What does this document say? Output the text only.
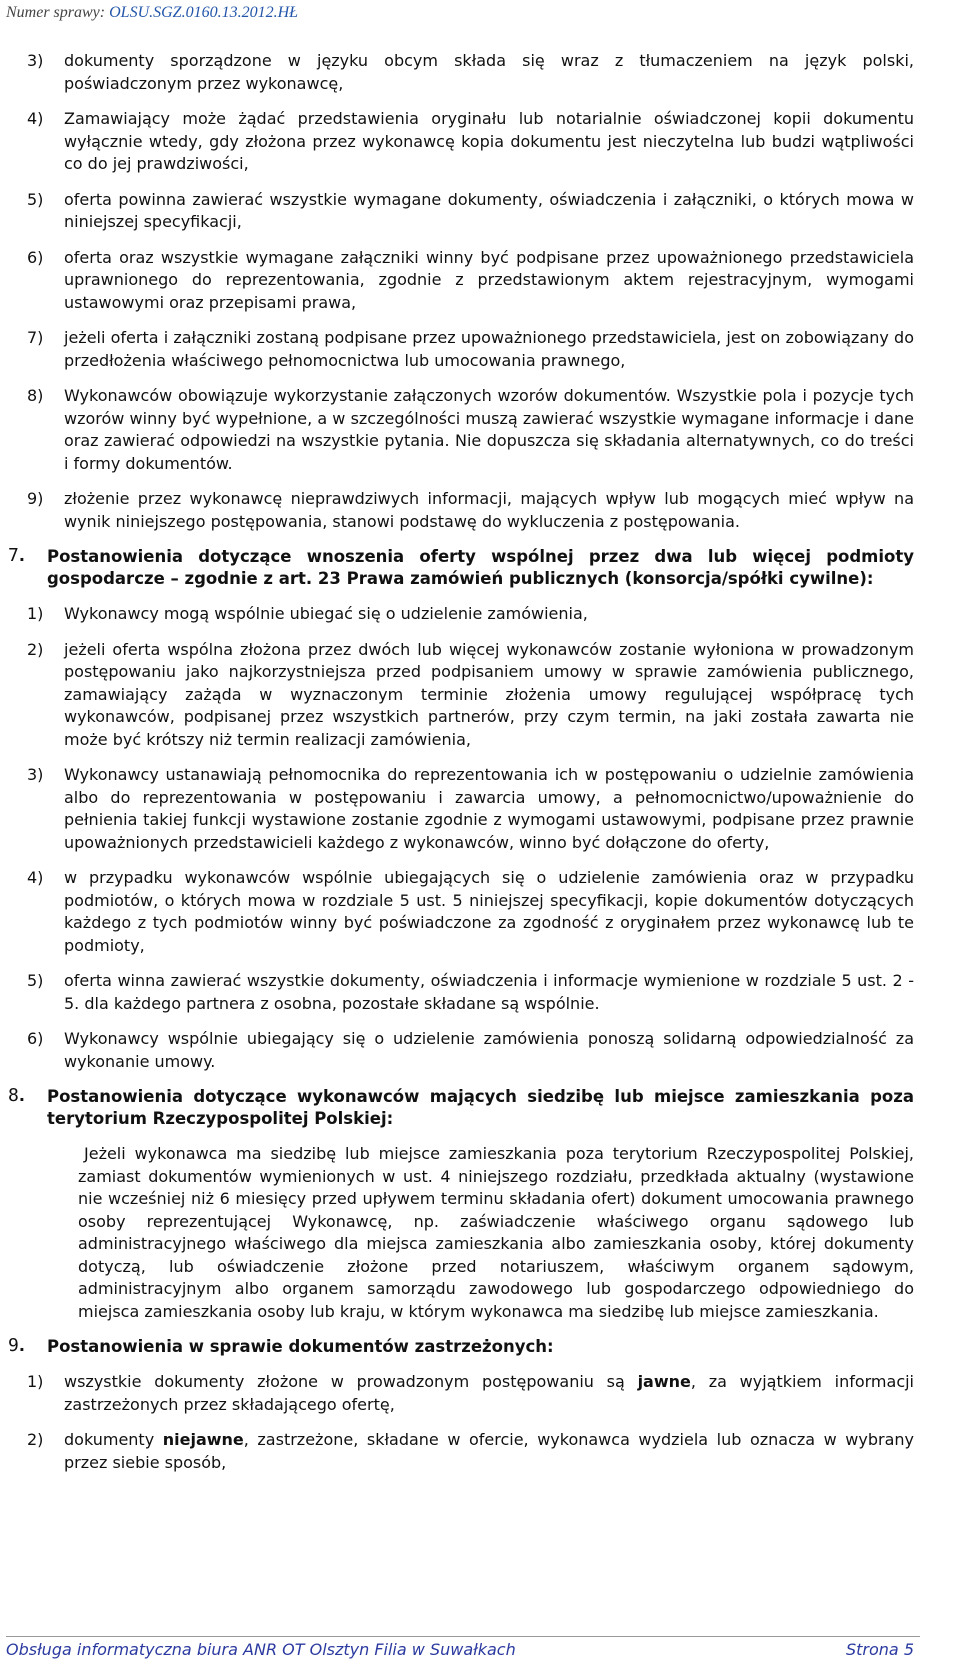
Numer sprawy: OLSU.SGZ.0160.13.2012.HŁ
3) dokumenty sporządzone w języku obcym składa się wraz z tłumaczeniem na język polski, poświadczonym przez wykonawcę,
4) Zamawiający może żądać przedstawienia oryginału lub notarialnie oświadczonej kopii dokumentu wyłącznie wtedy, gdy złożona przez wykonawcę kopia dokumentu jest nieczytelna lub budzi wątpliwości co do jej prawdziwości,
5) oferta powinna zawierać wszystkie wymagane dokumenty, oświadczenia i załączniki, o których mowa w niniejszej specyfikacji,
6) oferta oraz wszystkie wymagane załączniki winny być podpisane przez upoważnionego przedstawiciela uprawnionego do reprezentowania, zgodnie z przedstawionym aktem rejestracyjnym, wymogami ustawowymi oraz przepisami prawa,
7) jeżeli oferta i załączniki zostaną podpisane przez upoważnionego przedstawiciela, jest on zobowiązany do przedłożenia właściwego pełnomocnictwa lub umocowania prawnego,
8) Wykonawców obowiązuje wykorzystanie załączonych wzorów dokumentów. Wszystkie pola i pozycje tych wzorów winny być wypełnione, a w szczególności muszą zawierać wszystkie wymagane informacje i dane oraz zawierać odpowiedzi na wszystkie pytania. Nie dopuszcza się składania alternatywnych, co do treści i formy dokumentów.
9) złożenie przez wykonawcę nieprawdziwych informacji, mających wpływ lub mogących mieć wpływ na wynik niniejszego postępowania, stanowi podstawę do wykluczenia z postępowania.
7. Postanowienia dotyczące wnoszenia oferty wspólnej przez dwa lub więcej podmioty gospodarcze – zgodnie z art. 23 Prawa zamówień publicznych (konsorcja/spółki cywilne):
1) Wykonawcy mogą wspólnie ubiegać się o udzielenie zamówienia,
2) jeżeli oferta wspólna złożona przez dwóch lub więcej wykonawców zostanie wyłoniona w prowadzonym postępowaniu jako najkorzystniejsza przed podpisaniem umowy w sprawie zamówienia publicznego, zamawiający zażąda w wyznaczonym terminie złożenia umowy regulującej współpracę tych wykonawców, podpisanej przez wszystkich partnerów, przy czym termin, na jaki została zawarta nie może być krótszy niż termin realizacji zamówienia,
3) Wykonawcy ustanawiają pełnomocnika do reprezentowania ich w postępowaniu o udzielnie zamówienia albo do reprezentowania w postępowaniu i zawarcia umowy, a pełnomocnictwo/upoważnienie do pełnienia takiej funkcji wystawione zostanie zgodnie z wymogami ustawowymi, podpisane przez prawnie upoważnionych przedstawicieli każdego z wykonawców, winno być dołączone do oferty,
4) w przypadku wykonawców wspólnie ubiegających się o udzielenie zamówienia oraz w przypadku podmiotów, o których mowa w rozdziale 5 ust. 5 niniejszej specyfikacji, kopie dokumentów dotyczących każdego z tych podmiotów winny być poświadczone za zgodność z oryginałem przez wykonawcę lub te podmioty,
5) oferta winna zawierać wszystkie dokumenty, oświadczenia i informacje wymienione w rozdziale 5 ust. 2 - 5. dla każdego partnera z osobna, pozostałe składane są wspólnie.
6) Wykonawcy wspólnie ubiegający się o udzielenie zamówienia ponoszą solidarną odpowiedzialność za wykonanie umowy.
8. Postanowienia dotyczące wykonawców mających siedzibę lub miejsce zamieszkania poza terytorium Rzeczypospolitej Polskiej:
Jeżeli wykonawca ma siedzibę lub miejsce zamieszkania poza terytorium Rzeczypospolitej Polskiej, zamiast dokumentów wymienionych w ust. 4 niniejszego rozdziału, przedkłada aktualny (wystawione nie wcześniej niż 6 miesięcy przed upływem terminu składania ofert) dokument umocowania prawnego osoby reprezentującej Wykonawcę, np. zaświadczenie właściwego organu sądowego lub administracyjnego właściwego dla miejsca zamieszkania albo zamieszkania osoby, której dokumenty dotyczą, lub oświadczenie złożone przed notariuszem, właściwym organem sądowym, administracyjnym albo organem samorządu zawodowego lub gospodarczego odpowiedniego do miejsca zamieszkania osoby lub kraju, w którym wykonawca ma siedzibę lub miejsce zamieszkania.
9. Postanowienia w sprawie dokumentów zastrzeżonych:
1) wszystkie dokumenty złożone w prowadzonym postępowaniu są jawne, za wyjątkiem informacji zastrzeżonych przez składającego ofertę,
2) dokumenty niejawne, zastrzeżone, składane w ofercie, wykonawca wydziela lub oznacza w wybrany przez siebie sposób,
Obsługa informatyczna biura ANR OT Olsztyn Filia w Suwałkach	Strona 5
